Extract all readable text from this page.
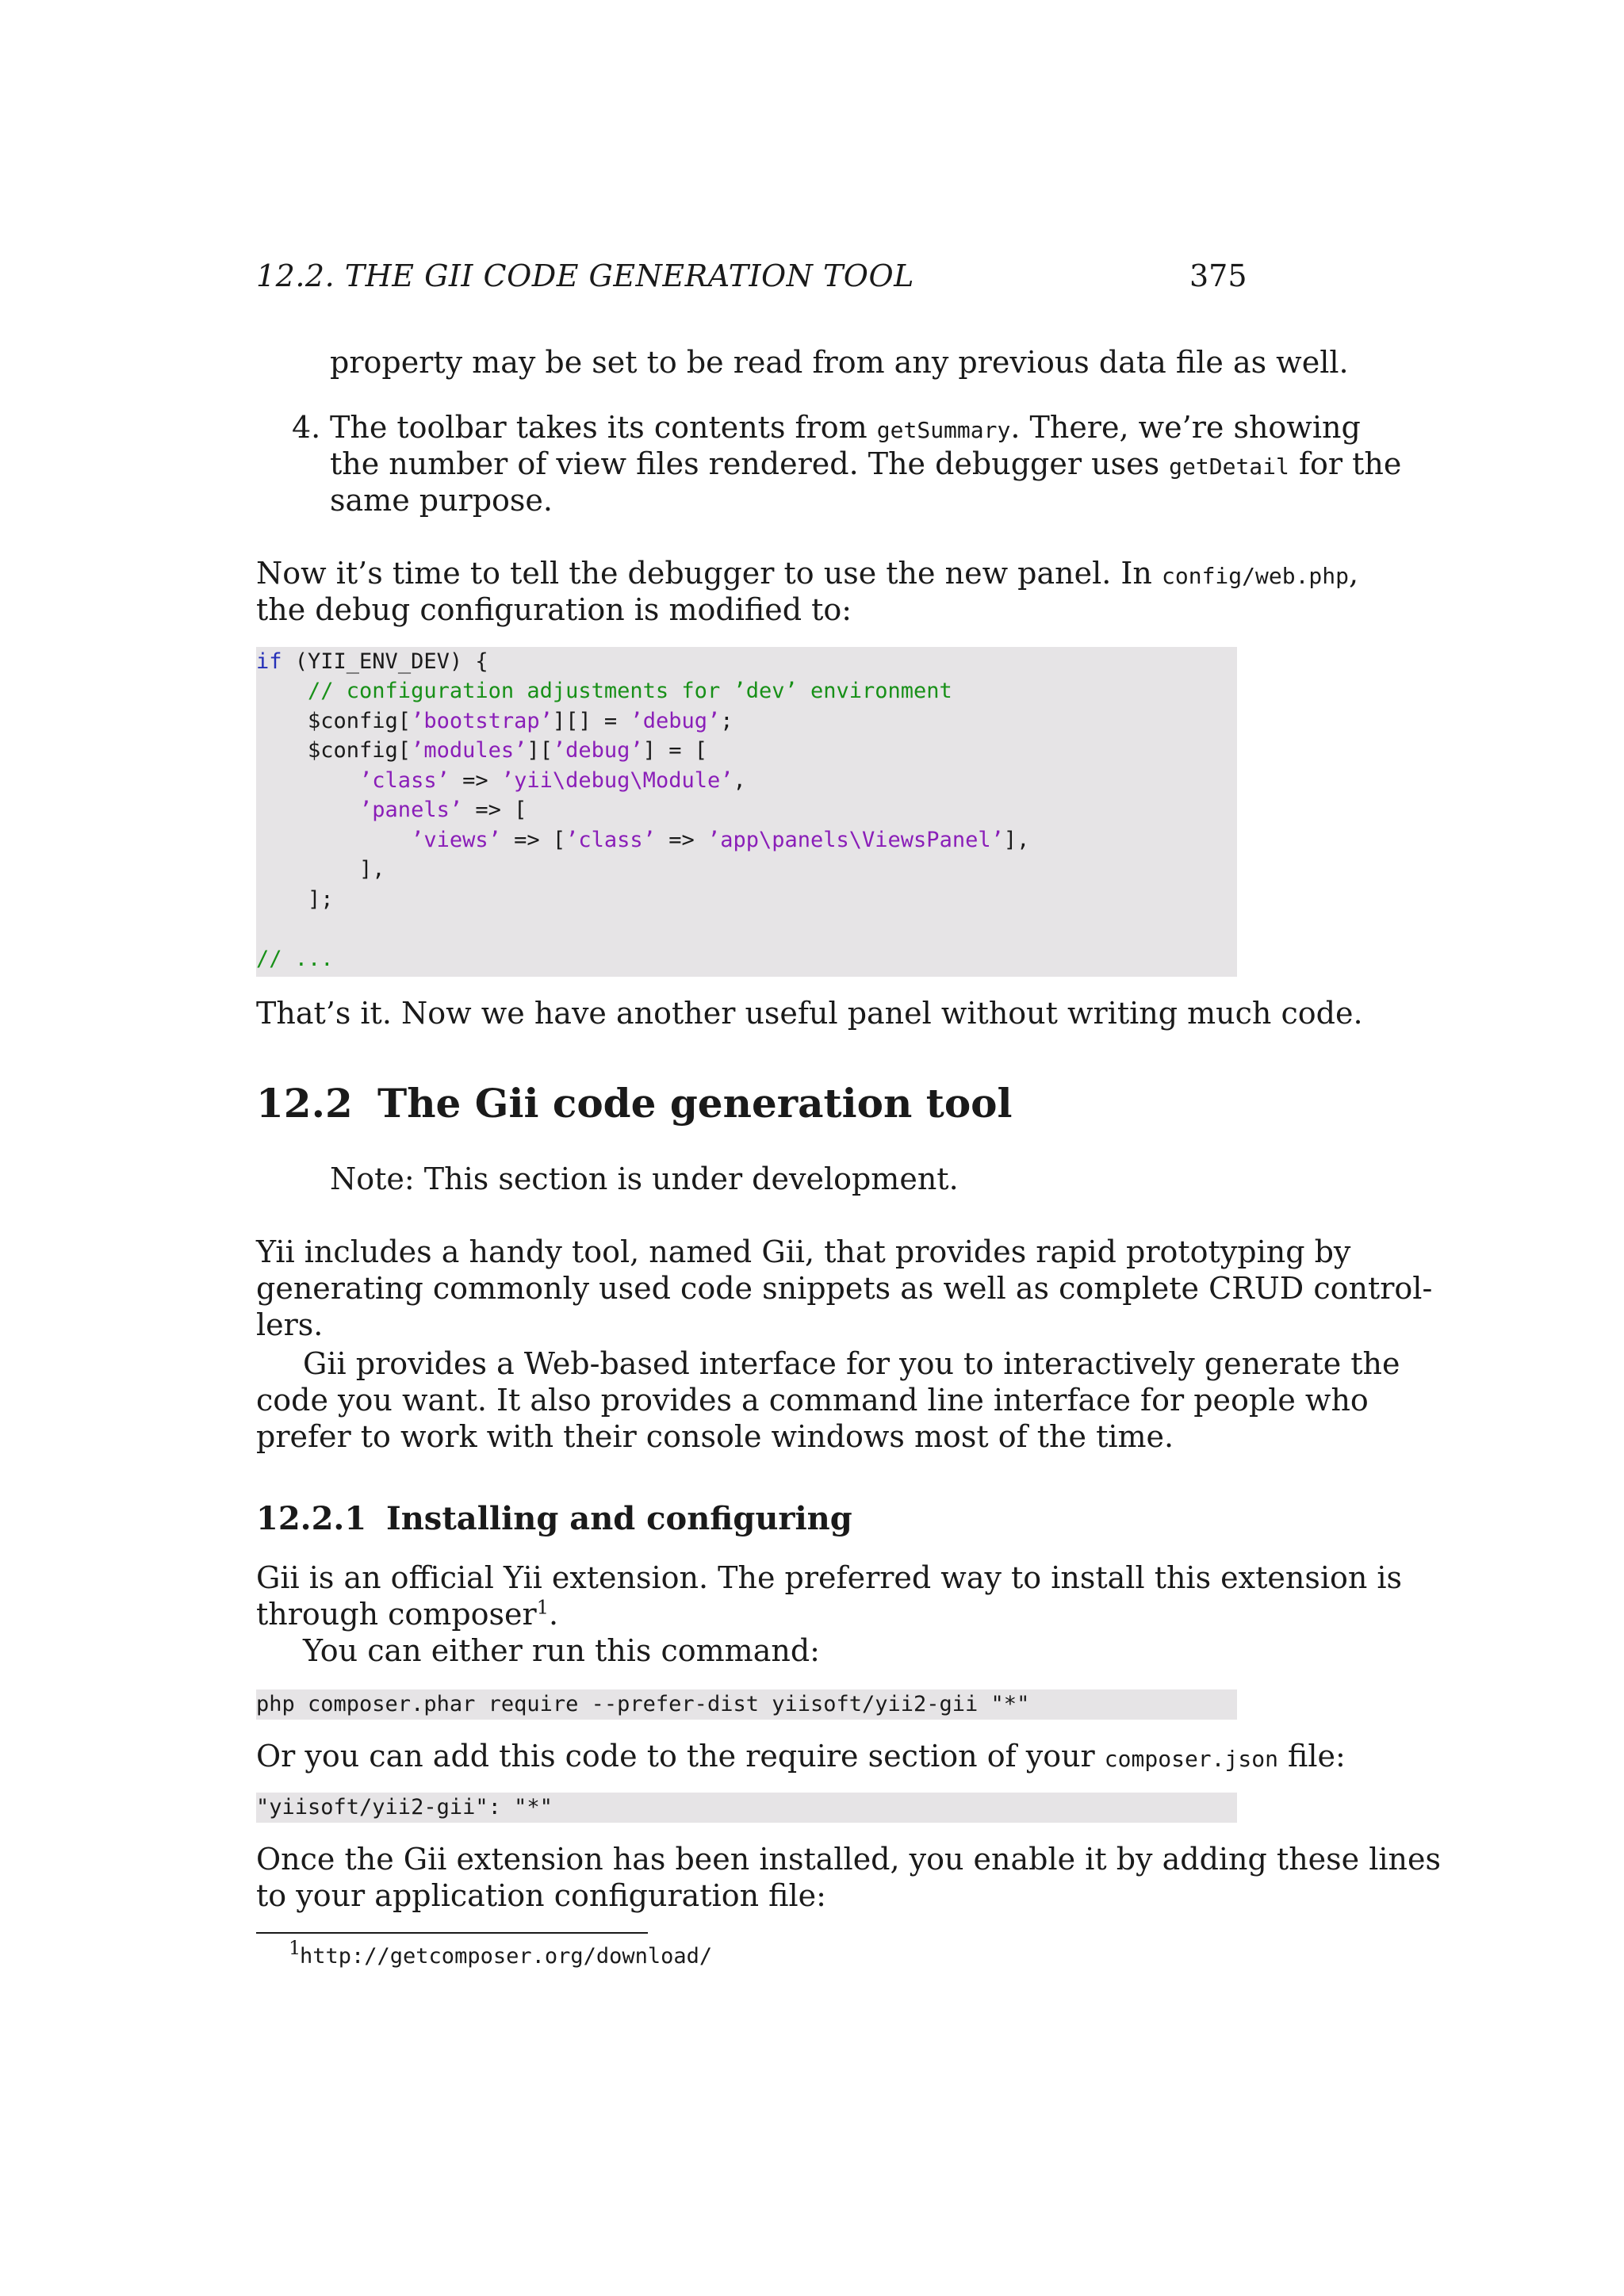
12.2. THE GII CODE GENERATION TOOL	375
property may be set to be read from any previous data file as well.
4. The toolbar takes its contents from getSummary. There, we’re showing
the number of view files rendered. The debugger uses getDetail for the
same purpose.
Now it’s time to tell the debugger to use the new panel. In config/web.php,
the debug configuration is modified to:
if (YII_ENV_DEV) {
// configuration adjustments for ’dev’ environment
$config[’bootstrap’][] = ’debug’;
$config[’modules’][’debug’] = [
’class’ => ’yii\debug\Module’,
’panels’ => [
’views’ => [’class’ => ’app\panels\ViewsPanel’],
],
];
// ...
That’s it. Now we have another useful panel without writing much code.
12.2 The Gii code generation tool
Note: This section is under development.
Yii includes a handy tool, named Gii, that provides rapid prototyping by
generating commonly used code snippets as well as complete CRUD control-
lers.
Gii provides a Web-based interface for you to interactively generate the
code you want. It also provides a command line interface for people who
prefer to work with their console windows most of the time.
12.2.1 Installing and configuring
Gii is an official Yii extension. The preferred way to install this extension is
through composer$^1$.
You can either run this command:
php composer.phar require --prefer-dist yiisoft/yii2-gii "*"
Or you can add this code to the require section of your composer.json file:
"yiisoft/yii2-gii": "*"
Once the Gii extension has been installed, you enable it by adding these lines
to your application configuration file:
1
http://getcomposer.org/download/
